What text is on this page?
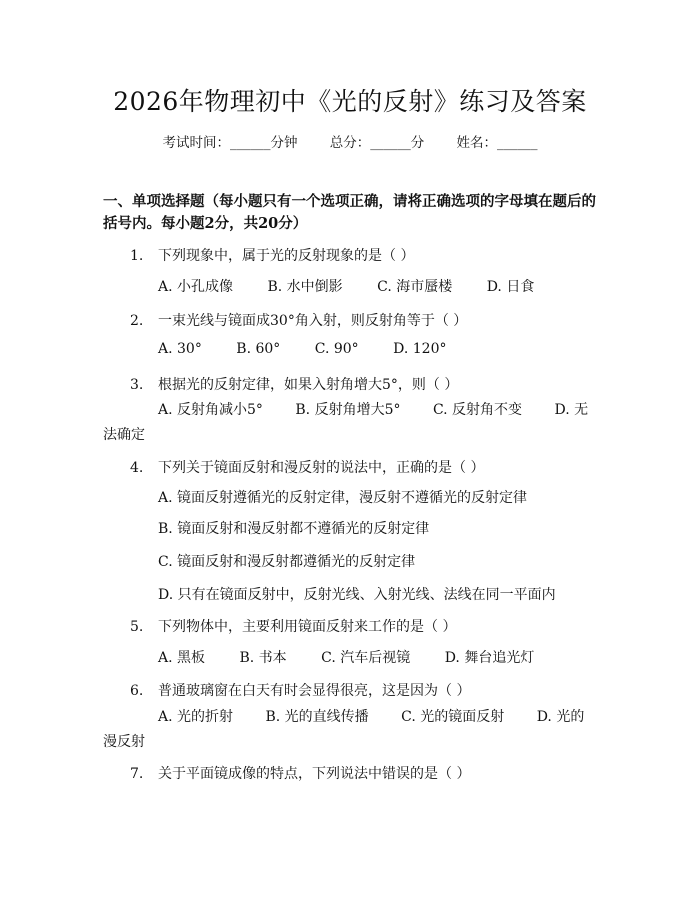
2026年物理初中《光的反射》练习及答案
考试时间：______分钟 总分：______分 姓名：______
一、单项选择题（每小题只有一个选项正确，请将正确选项的字母填在题后的括号内。每小题2分，共20分）
1. 下列现象中，属于光的反射现象的是（ ）
A. 小孔成像 B. 水中倒影 C. 海市蜃楼 D. 日食
2. 一束光线与镜面成30°角入射，则反射角等于（ ）
A. 30° B. 60° C. 90° D. 120°
3. 根据光的反射定律，如果入射角增大5°，则（ ）
A. 反射角减小5° B. 反射角增大5° C. 反射角不变 D. 无法确定
4. 下列关于镜面反射和漫反射的说法中，正确的是（ ）
A. 镜面反射遵循光的反射定律，漫反射不遵循光的反射定律
B. 镜面反射和漫反射都不遵循光的反射定律
C. 镜面反射和漫反射都遵循光的反射定律
D. 只有在镜面反射中，反射光线、入射光线、法线在同一平面内
5. 下列物体中，主要利用镜面反射来工作的是（ ）
A. 黑板 B. 书本 C. 汽车后视镜 D. 舞台追光灯
6. 普通玻璃窗在白天有时会显得很亮，这是因为（ ）
A. 光的折射 B. 光的直线传播 C. 光的镜面反射 D. 光的漫反射
7. 关于平面镜成像的特点，下列说法中错误的是（ ）
